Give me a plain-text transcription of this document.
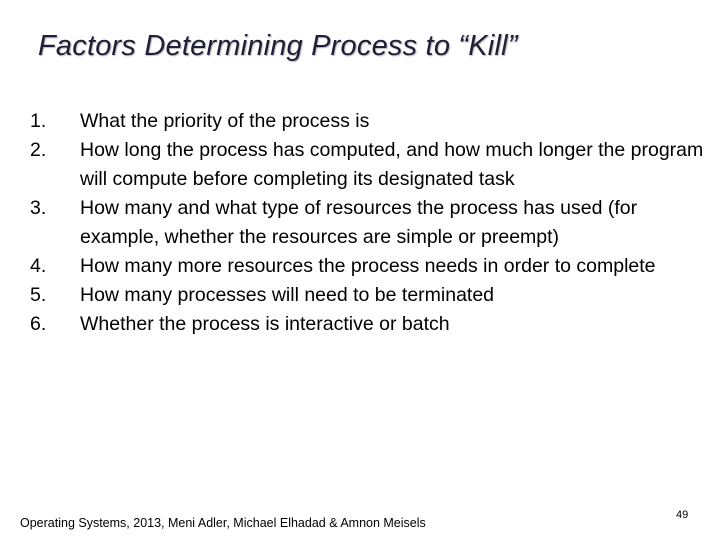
Factors Determining Process to “Kill”
1.	What the priority of the process is
2.	How long the process has computed, and how much longer the program will compute before completing its designated task
3.	How many and what type of resources the process has used (for example, whether the resources are simple or preempt)
4.	How many more resources the process needs in order to complete
5.	How many processes will need to be terminated
6.	Whether the process is interactive or batch
Operating Systems, 2013, Meni Adler, Michael Elhadad & Amnon Meisels
49
